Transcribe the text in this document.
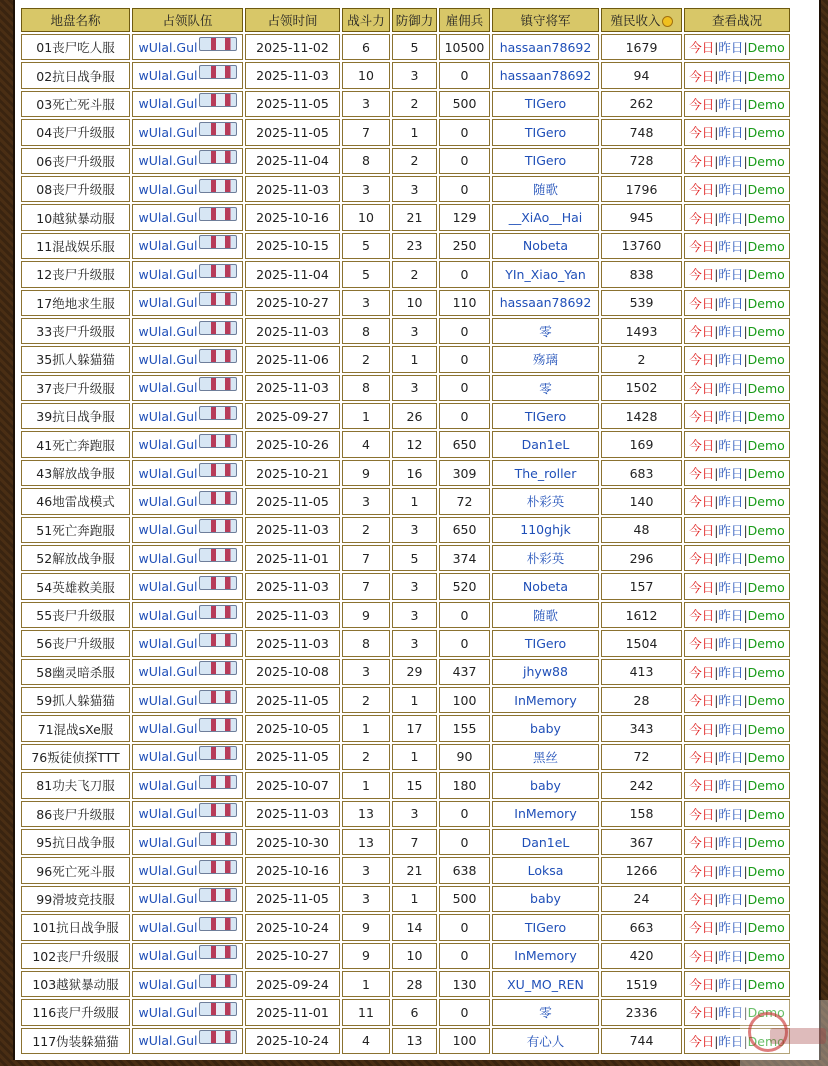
地盘名称	占领队伍	占领时间	战斗力	防御力	雇佣兵	镇守将军	殖民收入	查看战况
01丧尸吃人服	wUlal.Gul	2025-11-02	6	5	10500	hassaan78692	1679	今日|昨日|Demo
02抗日战争服	wUlal.Gul	2025-11-03	10	3	0	hassaan78692	94	今日|昨日|Demo
03死亡死斗服	wUlal.Gul	2025-11-05	3	2	500	TIGero	262	今日|昨日|Demo
04丧尸升级服	wUlal.Gul	2025-11-05	7	1	0	TIGero	748	今日|昨日|Demo
06丧尸升级服	wUlal.Gul	2025-11-04	8	2	0	TIGero	728	今日|昨日|Demo
08丧尸升级服	wUlal.Gul	2025-11-03	3	3	0	随歌	1796	今日|昨日|Demo
10越狱暴动服	wUlal.Gul	2025-10-16	10	21	129	__XiAo__Hai	945	今日|昨日|Demo
11混战娱乐服	wUlal.Gul	2025-10-15	5	23	250	Nobeta	13760	今日|昨日|Demo
12丧尸升级服	wUlal.Gul	2025-11-04	5	2	0	YIn_Xiao_Yan	838	今日|昨日|Demo
17绝地求生服	wUlal.Gul	2025-10-27	3	10	110	hassaan78692	539	今日|昨日|Demo
33丧尸升级服	wUlal.Gul	2025-11-03	8	3	0	零	1493	今日|昨日|Demo
35抓人躲猫猫	wUlal.Gul	2025-11-06	2	1	0	殇璃	2	今日|昨日|Demo
37丧尸升级服	wUlal.Gul	2025-11-03	8	3	0	零	1502	今日|昨日|Demo
39抗日战争服	wUlal.Gul	2025-09-27	1	26	0	TIGero	1428	今日|昨日|Demo
41死亡奔跑服	wUlal.Gul	2025-10-26	4	12	650	Dan1eL	169	今日|昨日|Demo
43解放战争服	wUlal.Gul	2025-10-21	9	16	309	The_roller	683	今日|昨日|Demo
46地雷战模式	wUlal.Gul	2025-11-05	3	1	72	朴彩英	140	今日|昨日|Demo
51死亡奔跑服	wUlal.Gul	2025-11-03	2	3	650	110ghjk	48	今日|昨日|Demo
52解放战争服	wUlal.Gul	2025-11-01	7	5	374	朴彩英	296	今日|昨日|Demo
54英雄救美服	wUlal.Gul	2025-11-03	7	3	520	Nobeta	157	今日|昨日|Demo
55丧尸升级服	wUlal.Gul	2025-11-03	9	3	0	随歌	1612	今日|昨日|Demo
56丧尸升级服	wUlal.Gul	2025-11-03	8	3	0	TIGero	1504	今日|昨日|Demo
58幽灵暗杀服	wUlal.Gul	2025-10-08	3	29	437	jhyw88	413	今日|昨日|Demo
59抓人躲猫猫	wUlal.Gul	2025-11-05	2	1	100	InMemory	28	今日|昨日|Demo
71混战sXe服	wUlal.Gul	2025-10-05	1	17	155	baby	343	今日|昨日|Demo
76叛徒侦探TTT	wUlal.Gul	2025-11-05	2	1	90	黑丝	72	今日|昨日|Demo
81功夫飞刀服	wUlal.Gul	2025-10-07	1	15	180	baby	242	今日|昨日|Demo
86丧尸升级服	wUlal.Gul	2025-11-03	13	3	0	InMemory	158	今日|昨日|Demo
95抗日战争服	wUlal.Gul	2025-10-30	13	7	0	Dan1eL	367	今日|昨日|Demo
96死亡死斗服	wUlal.Gul	2025-10-16	3	21	638	Loksa	1266	今日|昨日|Demo
99滑坡竞技服	wUlal.Gul	2025-11-05	3	1	500	baby	24	今日|昨日|Demo
101抗日战争服	wUlal.Gul	2025-10-24	9	14	0	TIGero	663	今日|昨日|Demo
102丧尸升级服	wUlal.Gul	2025-10-27	9	10	0	InMemory	420	今日|昨日|Demo
103越狱暴动服	wUlal.Gul	2025-09-24	1	28	130	XU_MO_REN	1519	今日|昨日|Demo
116丧尸升级服	wUlal.Gul	2025-11-01	11	6	0	零	2336	今日|昨日|Demo
117伪装躲猫猫	wUlal.Gul	2025-10-24	4	13	100	有心人	744	今日|昨日|Demo
